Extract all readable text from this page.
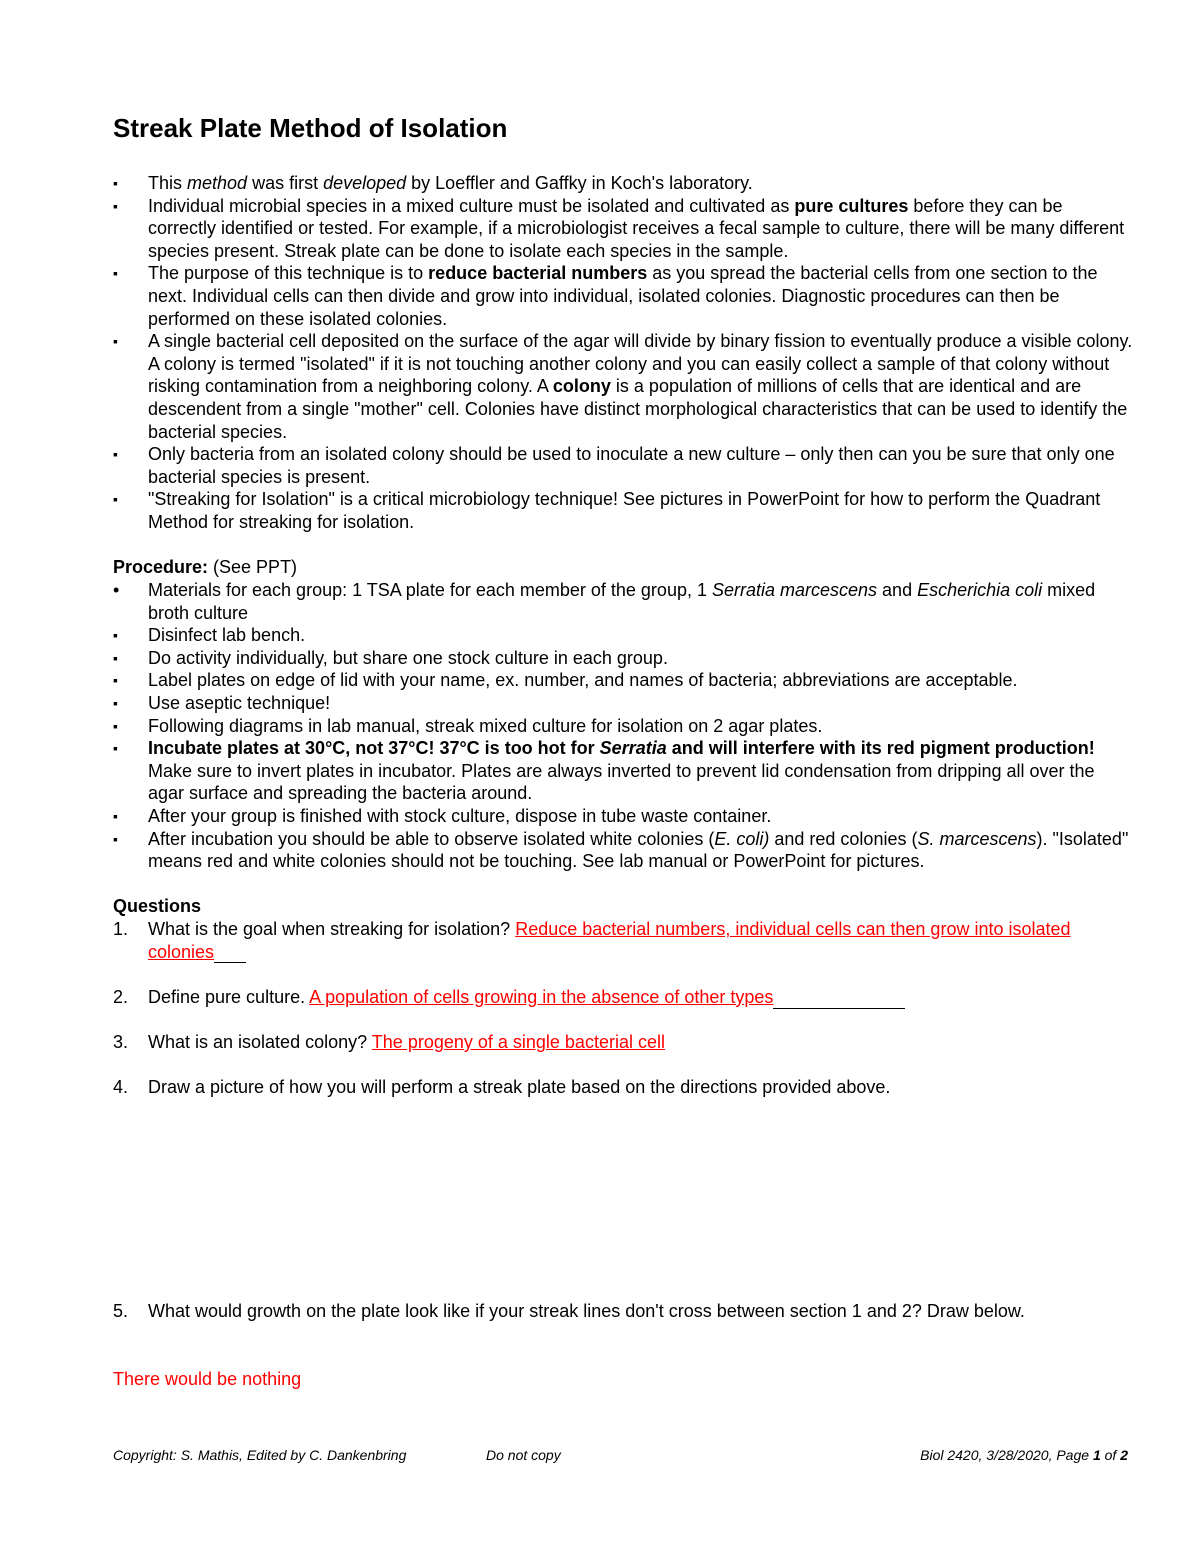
Streak Plate Method of Isolation
▪	This method was first developed by Loeffler and Gaffky in Koch's laboratory.
▪	Individual microbial species in a mixed culture must be isolated and cultivated as pure cultures before they can be correctly identified or tested. For example, if a microbiologist receives a fecal sample to culture, there will be many different species present. Streak plate can be done to isolate each species in the sample.
▪	The purpose of this technique is to reduce bacterial numbers as you spread the bacterial cells from one section to the next. Individual cells can then divide and grow into individual, isolated colonies. Diagnostic procedures can then be performed on these isolated colonies.
▪	A single bacterial cell deposited on the surface of the agar will divide by binary fission to eventually produce a visible colony. A colony is termed "isolated" if it is not touching another colony and you can easily collect a sample of that colony without risking contamination from a neighboring colony. A colony is a population of millions of cells that are identical and are descendent from a single "mother" cell. Colonies have distinct morphological characteristics that can be used to identify the bacterial species.
▪	Only bacteria from an isolated colony should be used to inoculate a new culture – only then can you be sure that only one bacterial species is present.
▪	"Streaking for Isolation" is a critical microbiology technique! See pictures in PowerPoint for how to perform the Quadrant Method for streaking for isolation.
Procedure: (See PPT)
•	Materials for each group: 1 TSA plate for each member of the group, 1 Serratia marcescens and Escherichia coli mixed broth culture
▪	Disinfect lab bench.
▪	Do activity individually, but share one stock culture in each group.
▪	Label plates on edge of lid with your name, ex. number, and names of bacteria; abbreviations are acceptable.
▪	Use aseptic technique!
▪	Following diagrams in lab manual, streak mixed culture for isolation on 2 agar plates.
▪	Incubate plates at 30°C, not 37°C! 37°C is too hot for Serratia and will interfere with its red pigment production! Make sure to invert plates in incubator. Plates are always inverted to prevent lid condensation from dripping all over the agar surface and spreading the bacteria around.
▪	After your group is finished with stock culture, dispose in tube waste container.
▪	After incubation you should be able to observe isolated white colonies (E. coli) and red colonies (S. marcescens). "Isolated" means red and white colonies should not be touching. See lab manual or PowerPoint for pictures.
Questions
1. What is the goal when streaking for isolation? Reduce bacterial numbers, individual cells can then grow into isolated colonies
2. Define pure culture. A population of cells growing in the absence of other types
3. What is an isolated colony? The progeny of a single bacterial cell
4. Draw a picture of how you will perform a streak plate based on the directions provided above.
5. What would growth on the plate look like if your streak lines don't cross between section 1 and 2? Draw below.
There would be nothing
Copyright: S. Mathis, Edited by C. Dankenbring	Do not copy	Biol 2420, 3/28/2020, Page 1 of 2
